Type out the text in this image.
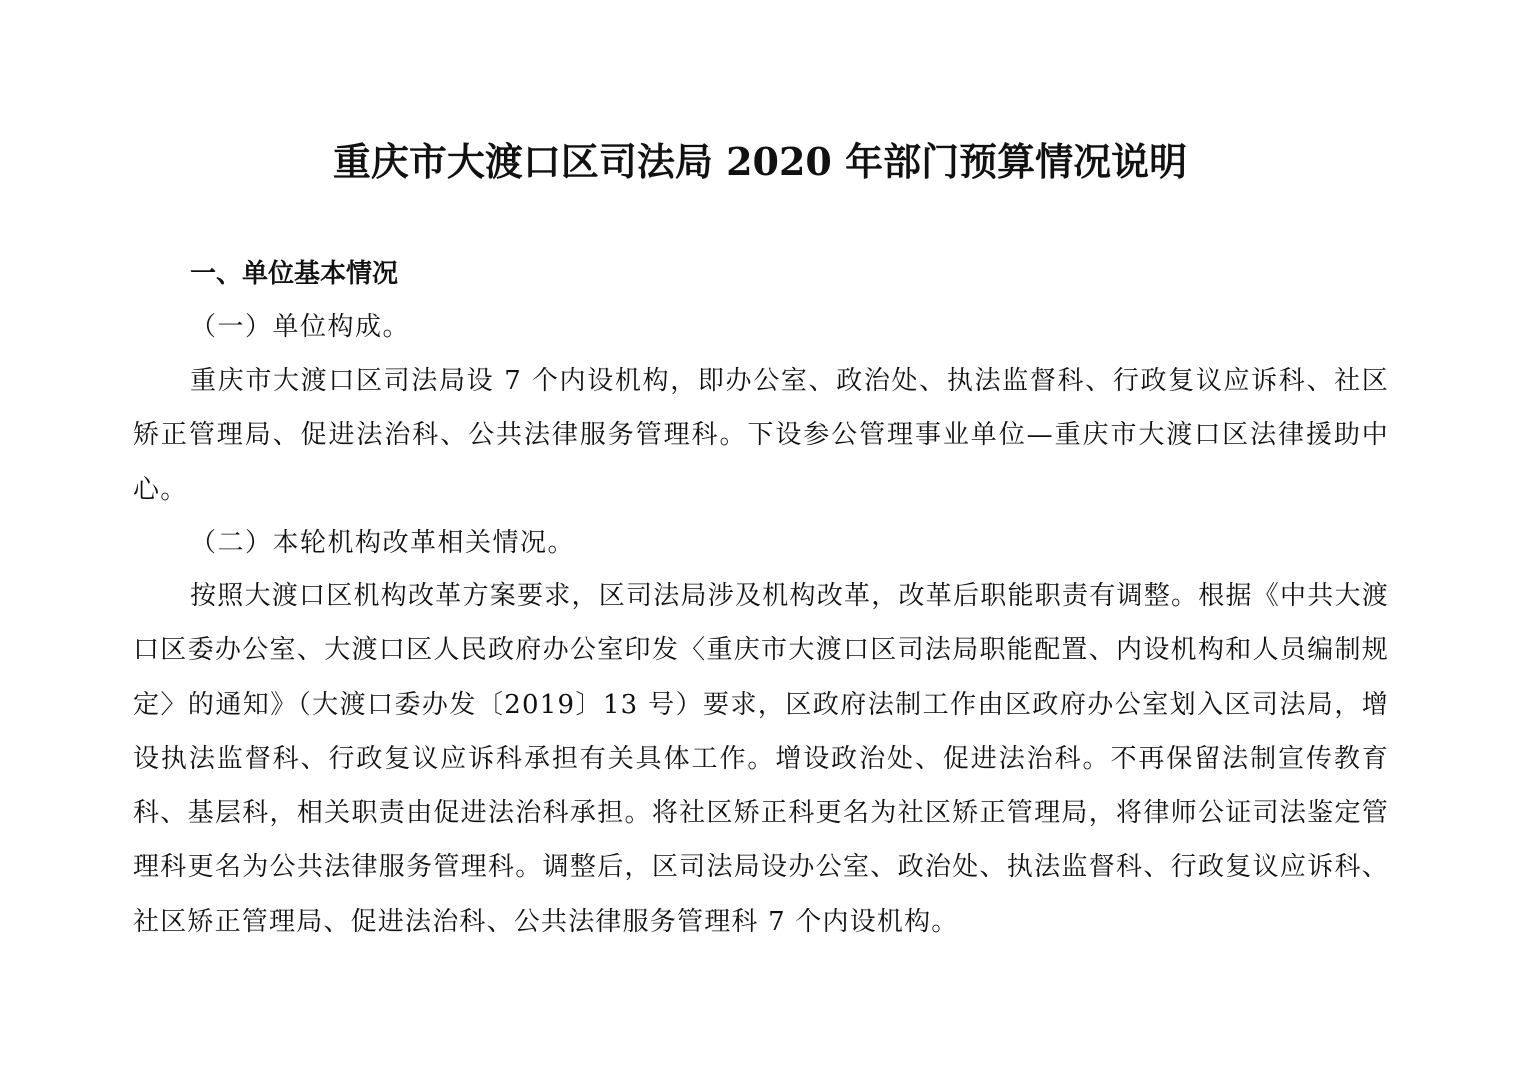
重庆市大渡口区司法局 2020 年部门预算情况说明
一、单位基本情况

（一）单位构成。

重庆市大渡口区司法局设 7 个内设机构，即办公室、政治处、执法监督科、行政复议应诉科、社区矫正管理局、促进法治科、公共法律服务管理科。下设参公管理事业单位—重庆市大渡口区法律援助中心。

（二）本轮机构改革相关情况。

按照大渡口区机构改革方案要求，区司法局涉及机构改革，改革后职能职责有调整。根据《中共大渡口区委办公室、大渡口区人民政府办公室印发〈重庆市大渡口区司法局职能配置、内设机构和人员编制规定〉的通知》（大渡口委办发〔2019〕13 号）要求，区政府法制工作由区政府办公室划入区司法局，增设执法监督科、行政复议应诉科承担有关具体工作。增设政治处、促进法治科。不再保留法制宣传教育科、基层科，相关职责由促进法治科承担。将社区矫正科更名为社区矫正管理局，将律师公证司法鉴定管理科更名为公共法律服务管理科。调整后，区司法局设办公室、政治处、执法监督科、行政复议应诉科、社区矫正管理局、促进法治科、公共法律服务管理科 7 个内设机构。
